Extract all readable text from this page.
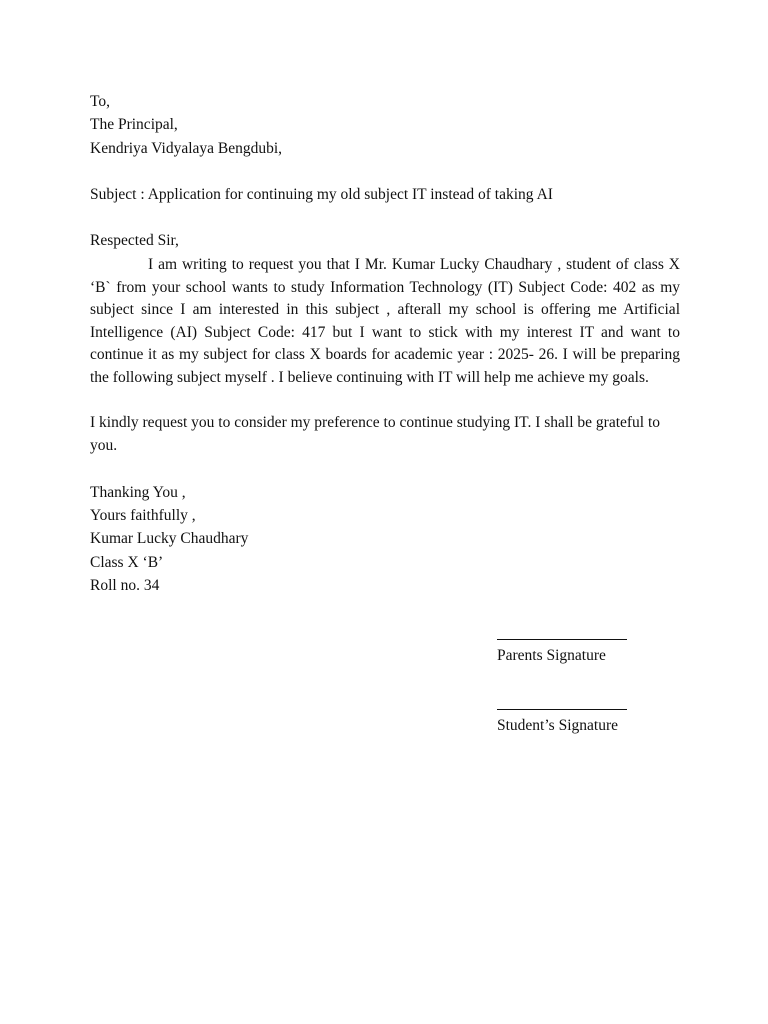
To,
The Principal,
Kendriya Vidyalaya Bengdubi,
Subject : Application for continuing my old subject IT instead of taking AI
Respected Sir,
I am writing to request you that I Mr. Kumar Lucky Chaudhary , student of class X ‘B` from your school wants to study Information Technology (IT) Subject Code: 402 as my subject since I am interested in this subject , afterall my school is offering me Artificial Intelligence (AI) Subject Code: 417 but I want to stick with my interest IT and want to continue it as my subject for class X boards for academic year : 2025- 26. I will be preparing the following subject myself . I believe continuing with IT will help me achieve my goals.
I kindly request you to consider my preference to continue studying IT. I shall be grateful to you.
Thanking You ,
Yours faithfully ,
Kumar Lucky Chaudhary
Class X ‘B’
Roll no. 34
Parents Signature
Student’s Signature
